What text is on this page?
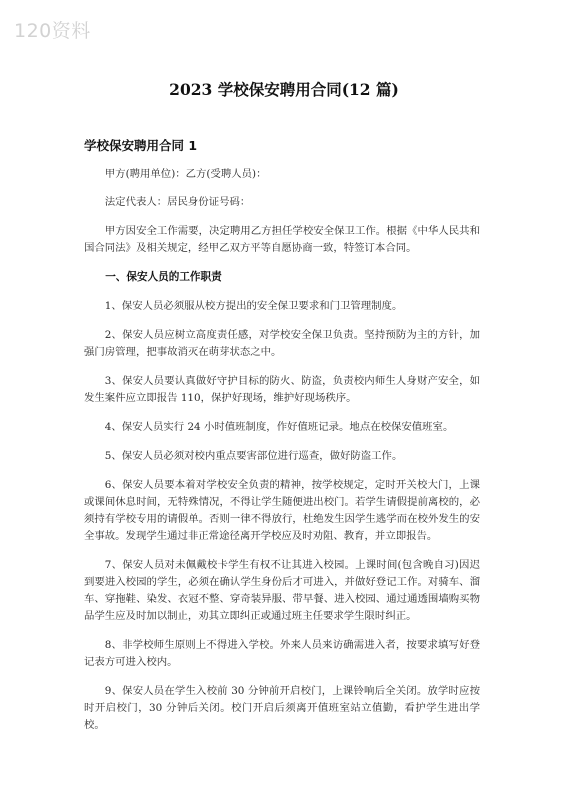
120资料
2023 学校保安聘用合同(12 篇)
学校保安聘用合同 1

甲方(聘用单位)：乙方(受聘人员)：

法定代表人：居民身份证号码：

甲方因安全工作需要，决定聘用乙方担任学校安全保卫工作。根据《中华人民共和国合同法》及相关规定，经甲乙双方平等自愿协商一致，特签订本合同。

一、保安人员的工作职责

1、保安人员必须服从校方提出的安全保卫要求和门卫管理制度。

2、保安人员应树立高度责任感，对学校安全保卫负责。坚持预防为主的方针，加强门房管理，把事故消灭在萌芽状态之中。

3、保安人员要认真做好守护目标的防火、防盗，负责校内师生人身财产安全，如发生案件应立即报告 110，保护好现场，维护好现场秩序。

4、保安人员实行 24 小时值班制度，作好值班记录。地点在校保安值班室。

5、保安人员必须对校内重点要害部位进行巡查，做好防盗工作。

6、保安人员要本着对学校安全负责的精神，按学校规定，定时开关校大门，上课或课间休息时间，无特殊情况，不得让学生随便进出校门。若学生请假提前离校的，必须持有学校专用的请假单。否则一律不得放行，杜绝发生因学生逃学而在校外发生的安全事故。发现学生通过非正常途径离开学校应及时劝阻、教育，并立即报告。

7、保安人员对未佩戴校卡学生有权不让其进入校园。上课时间(包含晚自习)因迟到要进入校园的学生，必须在确认学生身份后才可进入，并做好登记工作。对骑车、溜车、穿拖鞋、染发、衣冠不整、穿奇装异服、带早餐、进入校园、通过通透围墙购买物品学生应及时加以制止，劝其立即纠正或通过班主任要求学生限时纠正。

8、非学校师生原则上不得进入学校。外来人员来访确需进入者，按要求填写好登记表方可进入校内。

9、保安人员在学生入校前 30 分钟前开启校门，上课铃响后全关闭。放学时应按时开启校门，30 分钟后关闭。校门开启后须离开值班室站立值勤，看护学生进出学校。
